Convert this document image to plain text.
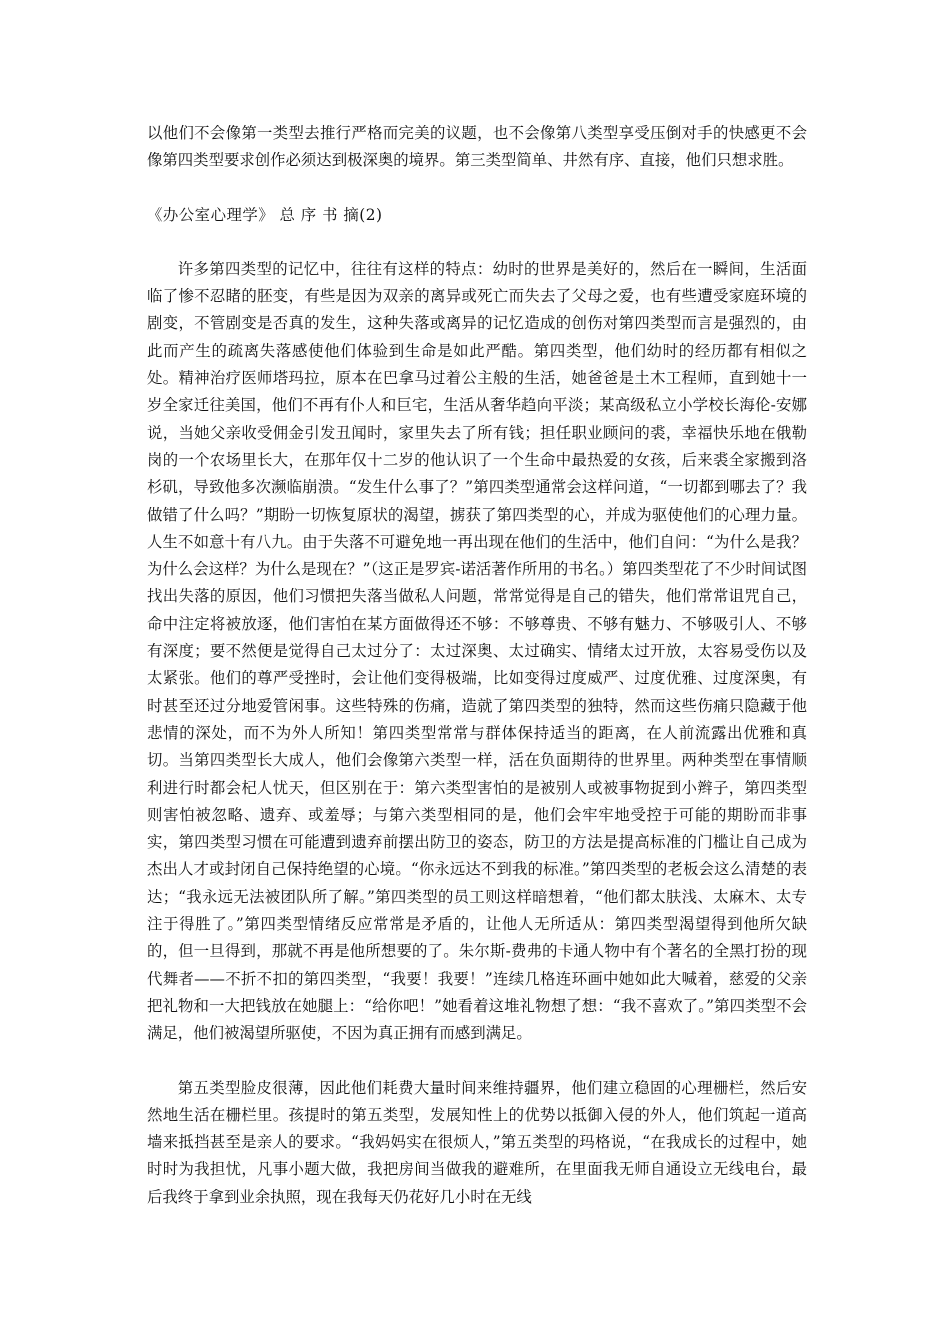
以他们不会像第一类型去推行严格而完美的议题，也不会像第八类型享受压倒对手的快感更不会像第四类型要求创作必须达到极深奥的境界。第三类型简单、井然有序、直接，他们只想求胜。

《办公室心理学》 总 序 书 摘(2)

许多第四类型的记忆中，往往有这样的特点：幼时的世界是美好的，然后在一瞬间，生活面临了惨不忍睹的胚变，有些是因为双亲的离异或死亡而失去了父母之爱，也有些遭受家庭环境的剧变，不管剧变是否真的发生，这种失落或离异的记忆造成的创伤对第四类型而言是强烈的，由此而产生的疏离失落感使他们体验到生命是如此严酷。第四类型，他们幼时的经历都有相似之处。精神治疗医师塔玛拉，原本在巴拿马过着公主般的生活，她爸爸是土木工程师，直到她十一岁全家迁往美国，他们不再有仆人和巨宅，生活从奢华趋向平淡；某高级私立小学校长海伦-安娜说，当她父亲收受佣金引发丑闻时，家里失去了所有钱；担任职业顾问的裘，幸福快乐地在俄勒岗的一个农场里长大，在那年仅十二岁的他认识了一个生命中最热爱的女孩，后来裘全家搬到洛杉矶，导致他多次濒临崩溃。“发生什么事了？”第四类型通常会这样问道，“一切都到哪去了？我做错了什么吗？”期盼一切恢复原状的渴望，掳获了第四类型的心，并成为驱使他们的心理力量。人生不如意十有八九。由于失落不可避免地一再出现在他们的生活中，他们自问：“为什么是我？为什么会这样？为什么是现在？”（这正是罗宾-诺活著作所用的书名。）第四类型花了不少时间试图找出失落的原因，他们习惯把失落当做私人问题，常常觉得是自己的错失，他们常常诅咒自己，命中注定将被放逐，他们害怕在某方面做得还不够：不够尊贵、不够有魅力、不够吸引人、不够有深度；要不然便是觉得自己太过分了：太过深奥、太过确实、情绪太过开放，太容易受伤以及太紧张。他们的尊严受挫时，会让他们变得极端，比如变得过度威严、过度优雅、过度深奥，有时甚至还过分地爱管闲事。这些特殊的伤痛，造就了第四类型的独特，然而这些伤痛只隐藏于他悲情的深处，而不为外人所知！第四类型常常与群体保持适当的距离，在人前流露出优雅和真切。当第四类型长大成人，他们会像第六类型一样，活在负面期待的世界里。两种类型在事情顺利进行时都会杞人忧天，但区别在于：第六类型害怕的是被别人或被事物捉到小辫子，第四类型则害怕被忽略、遗弃、或羞辱；与第六类型相同的是，他们会牢牢地受控于可能的期盼而非事实，第四类型习惯在可能遭到遗弃前摆出防卫的姿态，防卫的方法是提高标准的门槛让自己成为杰出人才或封闭自己保持绝望的心境。“你永远达不到我的标准。”第四类型的老板会这么清楚的表达；“我永远无法被团队所了解。”第四类型的员工则这样暗想着，“他们都太肤浅、太麻木、太专注于得胜了。”第四类型情绪反应常常是矛盾的，让他人无所适从：第四类型渴望得到他所欠缺的，但一旦得到，那就不再是他所想要的了。朱尔斯-费弗的卡通人物中有个著名的全黑打扮的现代舞者——不折不扣的第四类型，“我要！我要！”连续几格连环画中她如此大喊着，慈爱的父亲把礼物和一大把钱放在她腿上：“给你吧！”她看着这堆礼物想了想：“我不喜欢了。”第四类型不会满足，他们被渴望所驱使，不因为真正拥有而感到满足。

第五类型脸皮很薄，因此他们耗费大量时间来维持疆界，他们建立稳固的心理栅栏，然后安然地生活在栅栏里。孩提时的第五类型，发展知性上的优势以抵御入侵的外人，他们筑起一道高墙来抵挡甚至是亲人的要求。“我妈妈实在很烦人，”第五类型的玛格说，“在我成长的过程中，她时时为我担忧，凡事小题大做，我把房间当做我的避难所，在里面我无师自通设立无线电台，最后我终于拿到业余执照，现在我每天仍花好几小时在无线
